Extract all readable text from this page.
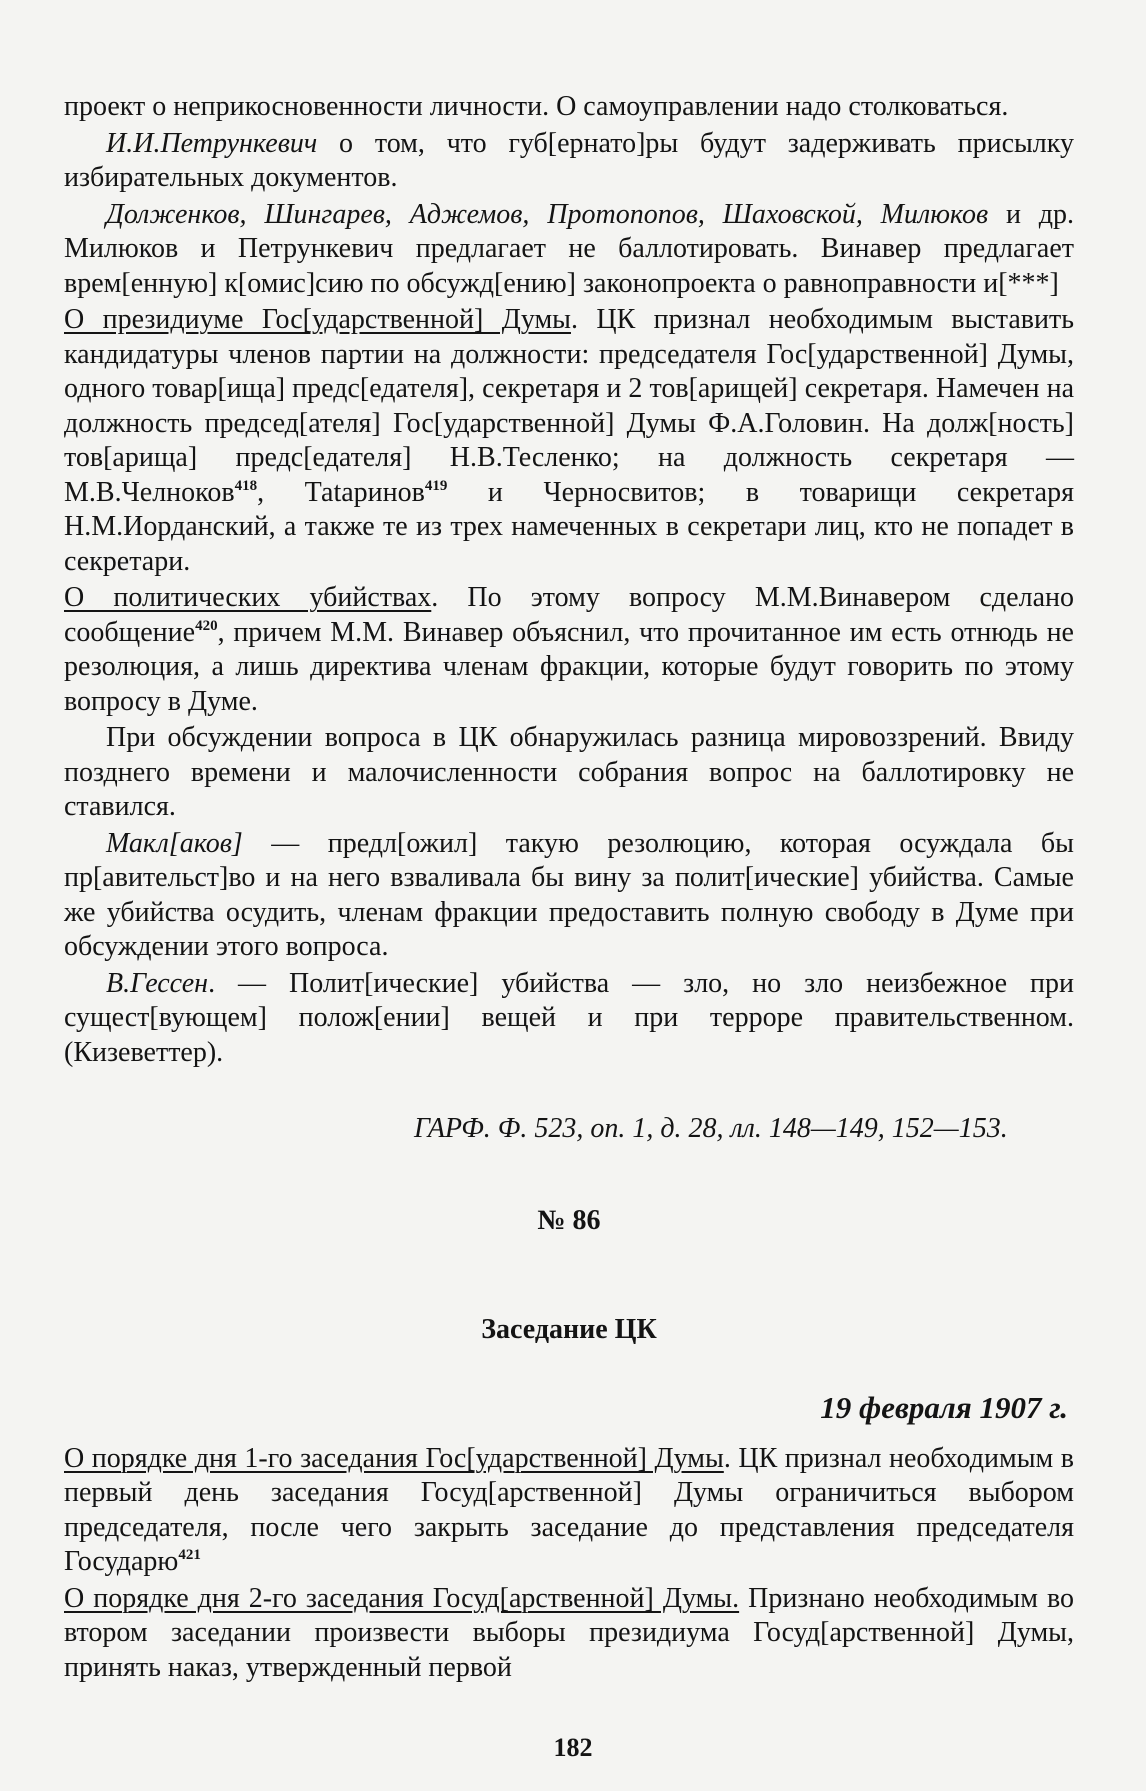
проект о неприкосновенности личности. О самоуправлении надо столковаться.

И.И.Петрункевич о том, что губ[ернато]ры будут задерживать присылку избирательных документов.

Долженков, Шингарев, Аджемов, Протопопов, Шаховской, Милюков и др. Милюков и Петрункевич предлагает не баллотировать. Винавер предлагает врем[енную] к[омис]сию по обсужд[ению] законопроекта о равноправности и[***]

О президиуме Гос[ударственной] Думы. ЦК признал необходимым выставить кандидатуры членов партии на должности: председателя Гос[ударственной] Думы, одного товар[ища] предс[едателя], секретаря и 2 тов[арищей] секретаря. Намечен на должность председ[ателя] Гос[ударственной] Думы Ф.А.Головин. На долж[ность] тов[арища] предс[едателя] Н.В.Тесленко; на должность секретаря — М.В.Челноков$^{418}$, Таtаринов$^{419}$ и Черносвитов; в товарищи секретаря Н.М.Иорданский, а также те из трех намеченных в секретари лиц, кто не попадет в секретари.

О политических убийствах. По этому вопросу М.М.Винавером сделано сообщение$^{420}$, причем М.М. Винавер объяснил, что прочитанное им есть отнюдь не резолюция, а лишь директива членам фракции, которые будут говорить по этому вопросу в Думе.

При обсуждении вопроса в ЦК обнаружилась разница мировоззрений. Ввиду позднего времени и малочисленности собрания вопрос на баллотировку не ставился.

Макл[аков] — предл[ожил] такую резолюцию, которая осуждала бы пр[авительст]во и на него взваливала бы вину за полит[ические] убийства. Самые же убийства осудить, членам фракции предоставить полную свободу в Думе при обсуждении этого вопроса.

В.Гессен. — Полит[ические] убийства — зло, но зло неизбежное при сущест[вующем] полож[ении] вещей и при терроре правительственном. (Кизеветтер).

ГАРФ. Ф. 523, оп. 1, д. 28, лл. 148—149, 152—153.

№ 86

Заседание ЦК

19 февраля 1907 г.

О порядке дня 1-го заседания Гос[ударственной] Думы. ЦК признал необходимым в первый день заседания Госуд[арственной] Думы ограничиться выбором председателя, после чего закрыть заседание до представления председателя Государю$^{421}$

О порядке дня 2-го заседания Госуд[арственной] Думы. Признано необходимым во втором заседании произвести выборы президиума Госуд[арственной] Думы, принять наказ, утвержденный первой

182
